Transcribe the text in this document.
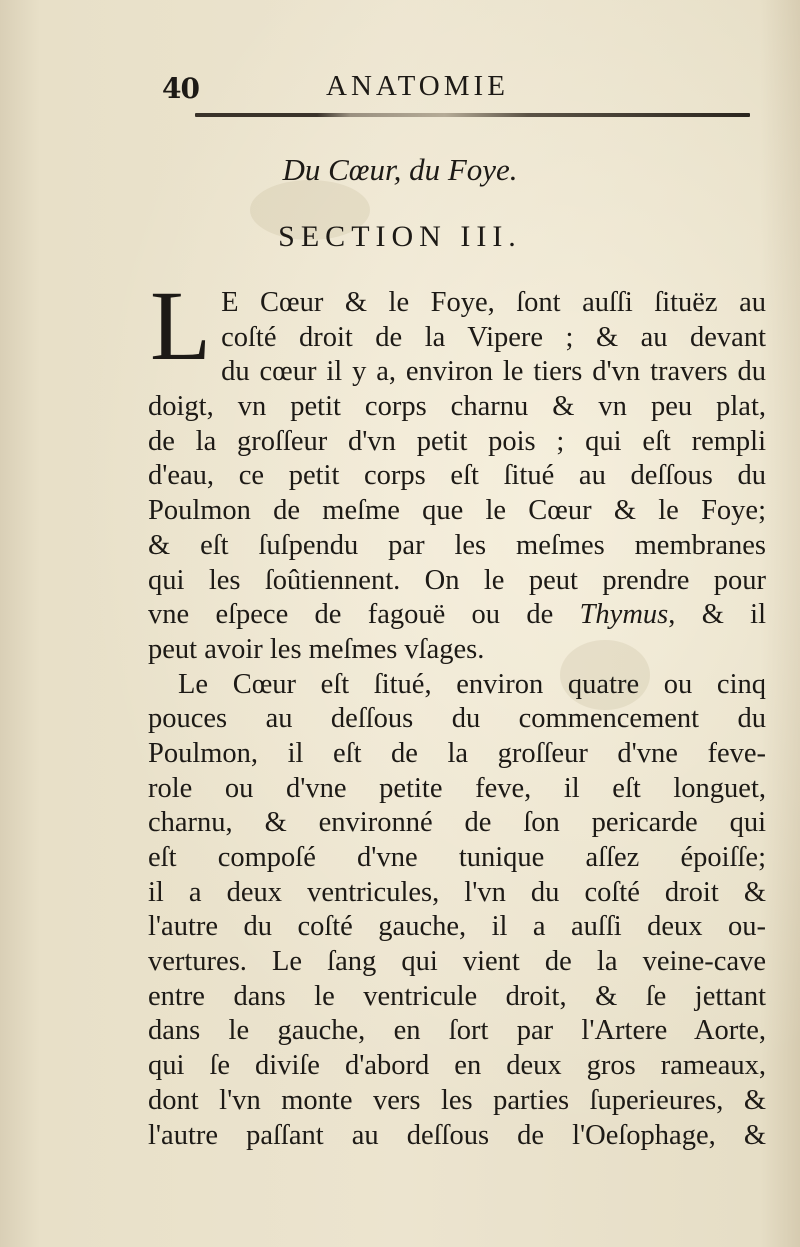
40	ANATOMIE
Du Cœur, du Foye.
SECTION III.
L E Cœur & le Foye, ſont auſſi ſituëz au
coſté droit de la Vipere ; & au devant
du cœur il y a, environ le tiers d'vn travers du
doigt, vn petit corps charnu & vn peu plat,
de la groſſeur d'vn petit pois ; qui eſt rempli
d'eau, ce petit corps eſt ſitué au deſſous du
Poulmon de meſme que le Cœur & le Foye;
& eſt ſuſpendu par les meſmes membranes
qui les ſoûtiennent. On le peut prendre pour
vne eſpece de fagouë ou de Thymus, & il
peut avoir les meſmes vſages.
Le Cœur eſt ſitué, environ quatre ou cinq
pouces au deſſous du commencement du
Poulmon, il eſt de la groſſeur d'vne feve-
role ou d'vne petite feve, il eſt longuet,
charnu, & environné de ſon pericarde qui
eſt compoſé d'vne tunique aſſez époiſſe;
il a deux ventricules, l'vn du coſté droit &
l'autre du coſté gauche, il a auſſi deux ou-
vertures. Le ſang qui vient de la veine-cave
entre dans le ventricule droit, & ſe jettant
dans le gauche, en ſort par l'Artere Aorte,
qui ſe diviſe d'abord en deux gros rameaux,
dont l'vn monte vers les parties ſuperieures, &
l'autre paſſant au deſſous de l'Oeſophage, &
